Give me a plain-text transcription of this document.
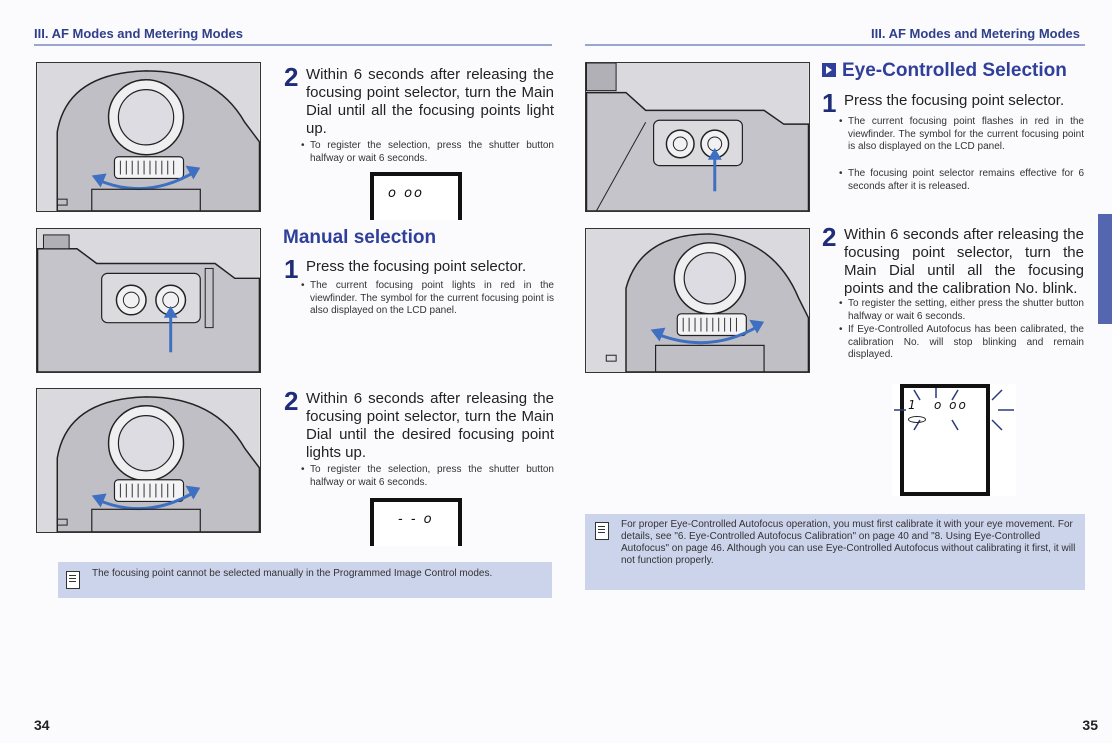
III. AF Modes and Metering Modes	III. AF Modes and Metering Modes
2 Within 6 seconds after releasing the focusing point selector, turn the Main Dial until all the focusing points light up.
• To register the selection, press the shutter button halfway or wait 6 seconds.
o oo
Manual selection
1 Press the focusing point selector.
• The current focusing point lights in red in the viewfinder. The symbol for the current focusing point is also displayed on the LCD panel.
2 Within 6 seconds after releasing the focusing point selector, turn the Main Dial until the desired focusing point lights up.
• To register the selection, press the shutter button halfway or wait 6 seconds.
- - o
The focusing point cannot be selected manually in the Programmed Image Control modes.
34
Eye-Controlled Selection
1 Press the focusing point selector.
• The current focusing point flashes in red in the viewfinder. The symbol for the current focusing point is also displayed on the LCD panel.
• The focusing point selector remains effective for 6 seconds after it is released.
2 Within 6 seconds after releasing the focusing point selector, turn the Main Dial until all the focusing points and the calibration No. blink.
• To register the setting, either press the shutter button halfway or wait 6 seconds.
• If Eye-Controlled Autofocus has been calibrated, the calibration No. will stop blinking and remain displayed.
1 o oo
For proper Eye-Controlled Autofocus operation, you must first calibrate it with your eye movement. For details, see "6. Eye-Controlled Autofocus Calibration" on page 40 and "8. Using Eye-Controlled Autofocus" on page 46. Although you can use Eye-Controlled Autofocus without calibrating it first, it will not function properly.
35
